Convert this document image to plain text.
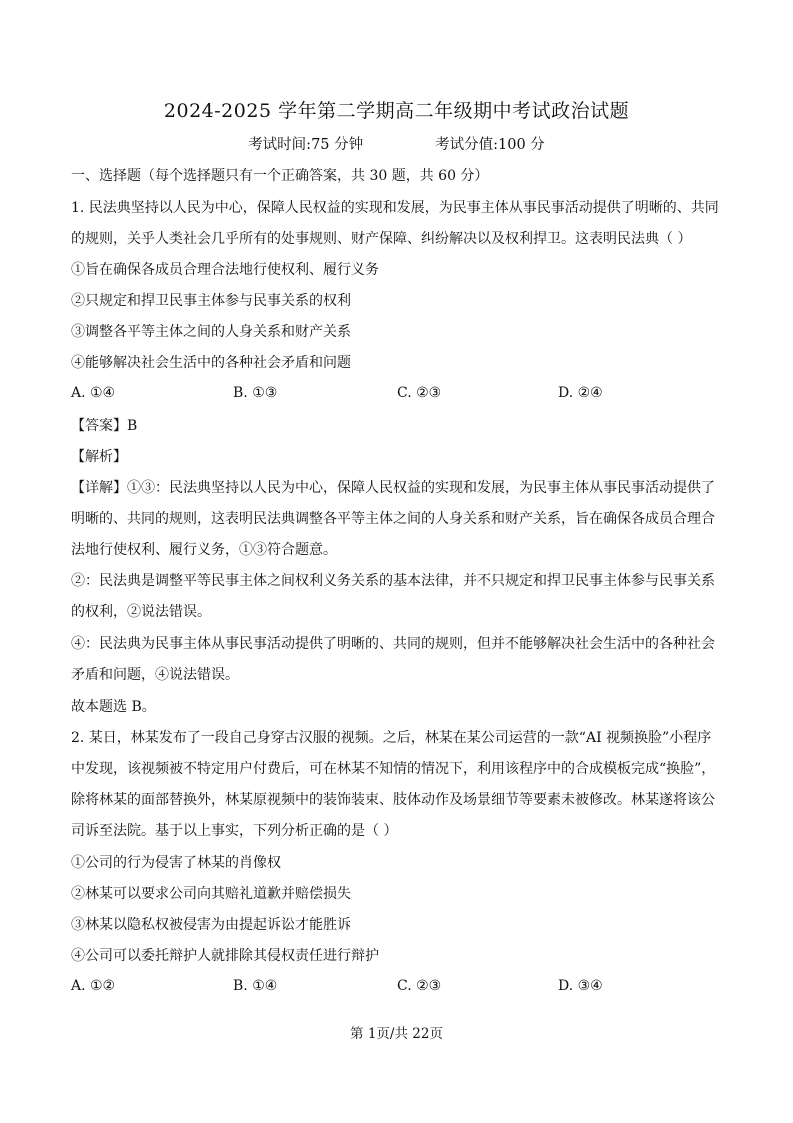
2024-2025 学年第二学期高二年级期中考试政治试题
考试时间:75 分钟	考试分值:100 分
一、选择题（每个选择题只有一个正确答案，共 30 题，共 60 分）
1. 民法典坚持以人民为中心，保障人民权益的实现和发展，为民事主体从事民事活动提供了明晰的、共同
的规则，关乎人类社会几乎所有的处事规则、财产保障、纠纷解决以及权利捍卫。这表明民法典（ ）
①旨在确保各成员合理合法地行使权利、履行义务
②只规定和捍卫民事主体参与民事关系的权利
③调整各平等主体之间的人身关系和财产关系
④能够解决社会生活中的各种社会矛盾和问题
A. ①④	B. ①③	C. ②③	D. ②④
【答案】B
【解析】
【详解】①③：民法典坚持以人民为中心，保障人民权益的实现和发展，为民事主体从事民事活动提供了
明晰的、共同的规则，这表明民法典调整各平等主体之间的人身关系和财产关系，旨在确保各成员合理合
法地行使权利、履行义务，①③符合题意。
②：民法典是调整平等民事主体之间权利义务关系的基本法律，并不只规定和捍卫民事主体参与民事关系
的权利，②说法错误。
④：民法典为民事主体从事民事活动提供了明晰的、共同的规则，但并不能够解决社会生活中的各种社会
矛盾和问题，④说法错误。
故本题选 B。
2. 某日，林某发布了一段自己身穿古汉服的视频。之后，林某在某公司运营的一款“AI 视频换脸”小程序
中发现，该视频被不特定用户付费后，可在林某不知情的情况下，利用该程序中的合成模板完成“换脸”，
除将林某的面部替换外，林某原视频中的装饰装束、肢体动作及场景细节等要素未被修改。林某遂将该公
司诉至法院。基于以上事实，下列分析正确的是（ ）
①公司的行为侵害了林某的肖像权
②林某可以要求公司向其赔礼道歉并赔偿损失
③林某以隐私权被侵害为由提起诉讼才能胜诉
④公司可以委托辩护人就排除其侵权责任进行辩护
A. ①②	B. ①④	C. ②③	D. ③④
第 1页/共 22页
